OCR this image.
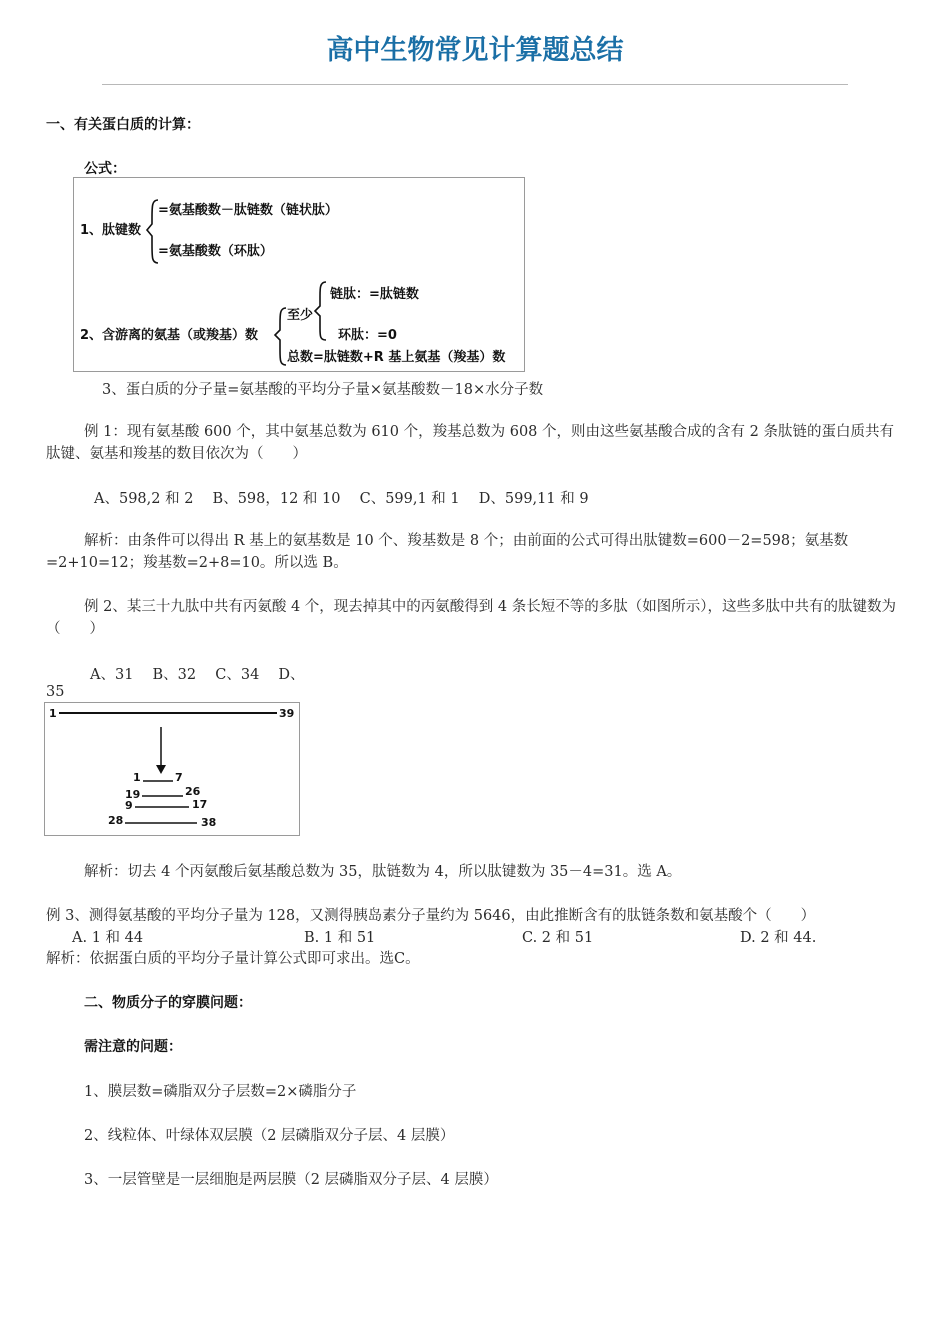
高中生物常见计算题总结
一、有关蛋白质的计算：
公式：
1、肽键数
=氨基酸数－肽链数（链状肽）
=氨基酸数（环肽）
2、含游离的氨基（或羧基）数
至少
链肽：=肽链数
环肽：=0
总数=肽链数+R 基上氨基（羧基）数
3、蛋白质的分子量=氨基酸的平均分子量×氨基酸数－18×水分子数
例 1：现有氨基酸 600 个，其中氨基总数为 610 个，羧基总数为 608 个，则由这些氨基酸合成的含有 2 条肽链的蛋白质共有肽键、氨基和羧基的数目依次为（　　）
A、598,2 和 2　 B、598，12 和 10　 C、599,1 和 1　 D、599,11 和 9
解析：由条件可以得出 R 基上的氨基数是 10 个、羧基数是 8 个；由前面的公式可得出肽键数=600－2=598；氨基数=2+10=12；羧基数=2+8=10。所以选 B。
例 2、某三十九肽中共有丙氨酸 4 个，现去掉其中的丙氨酸得到 4 条长短不等的多肽（如图所示），这些多肽中共有的肽键数为（　　）
A、31　 B、32　 C、34　 D、
35
1	39
1	7
19	26
9	17
28	38
解析：切去 4 个丙氨酸后氨基酸总数为 35，肽链数为 4，所以肽键数为 35－4=31。选 A。
例 3、测得氨基酸的平均分子量为 128，又测得胰岛素分子量约为 5646，由此推断含有的肽链条数和氨基酸个（　　）
A. 1 和 44	B. 1 和 51	C. 2 和 51	D. 2 和 44.
解析：依据蛋白质的平均分子量计算公式即可求出。选C。
二、物质分子的穿膜问题：
需注意的问题：
1、膜层数=磷脂双分子层数=2×磷脂分子
2、线粒体、叶绿体双层膜（2 层磷脂双分子层、4 层膜）
3、一层管壁是一层细胞是两层膜（2 层磷脂双分子层、4 层膜）
